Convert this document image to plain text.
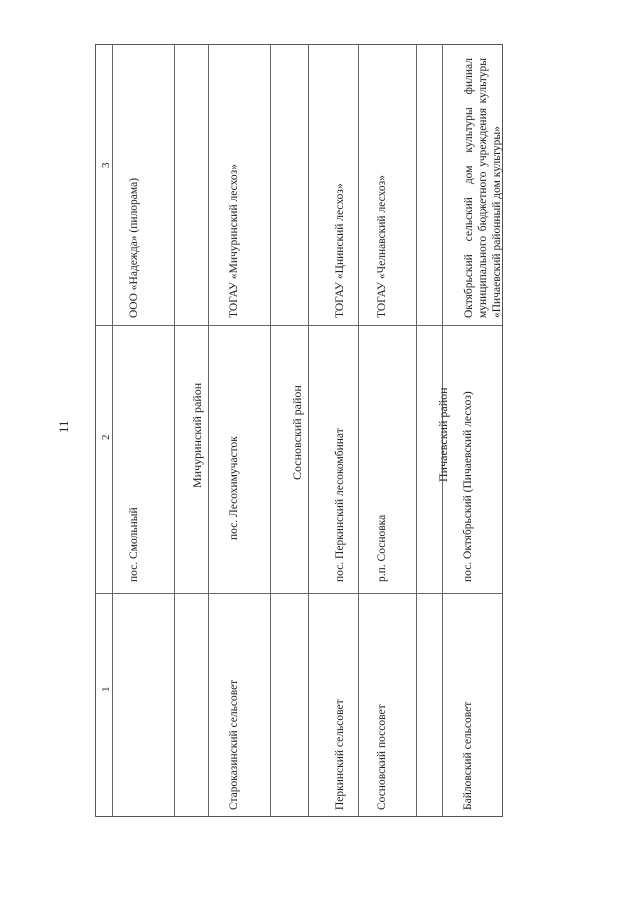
11
1
2
3
пос. Смольный
ООО «Надежда» (пилорама)
Мичуринский район
Староказинский сельсовет
пос. Лесохимучасток
ТОГАУ «Мичуринский лесхоз»
Сосновский район
Перкинский сельсовет
пос. Перкинский лесокомбинат
ТОГАУ «Цнинский лесхоз»
Сосновский поссовет
р.п. Сосновка
ТОГАУ «Челнавский лесхоз»
Пичаевский район
Байловский сельсовет
пос. Октябрьский (Пичаевский лесхоз)
Октябрьский сельский дом культуры филиал муниципального бюджетного учреждения культуры «Пичаевский районный дом культуры»
